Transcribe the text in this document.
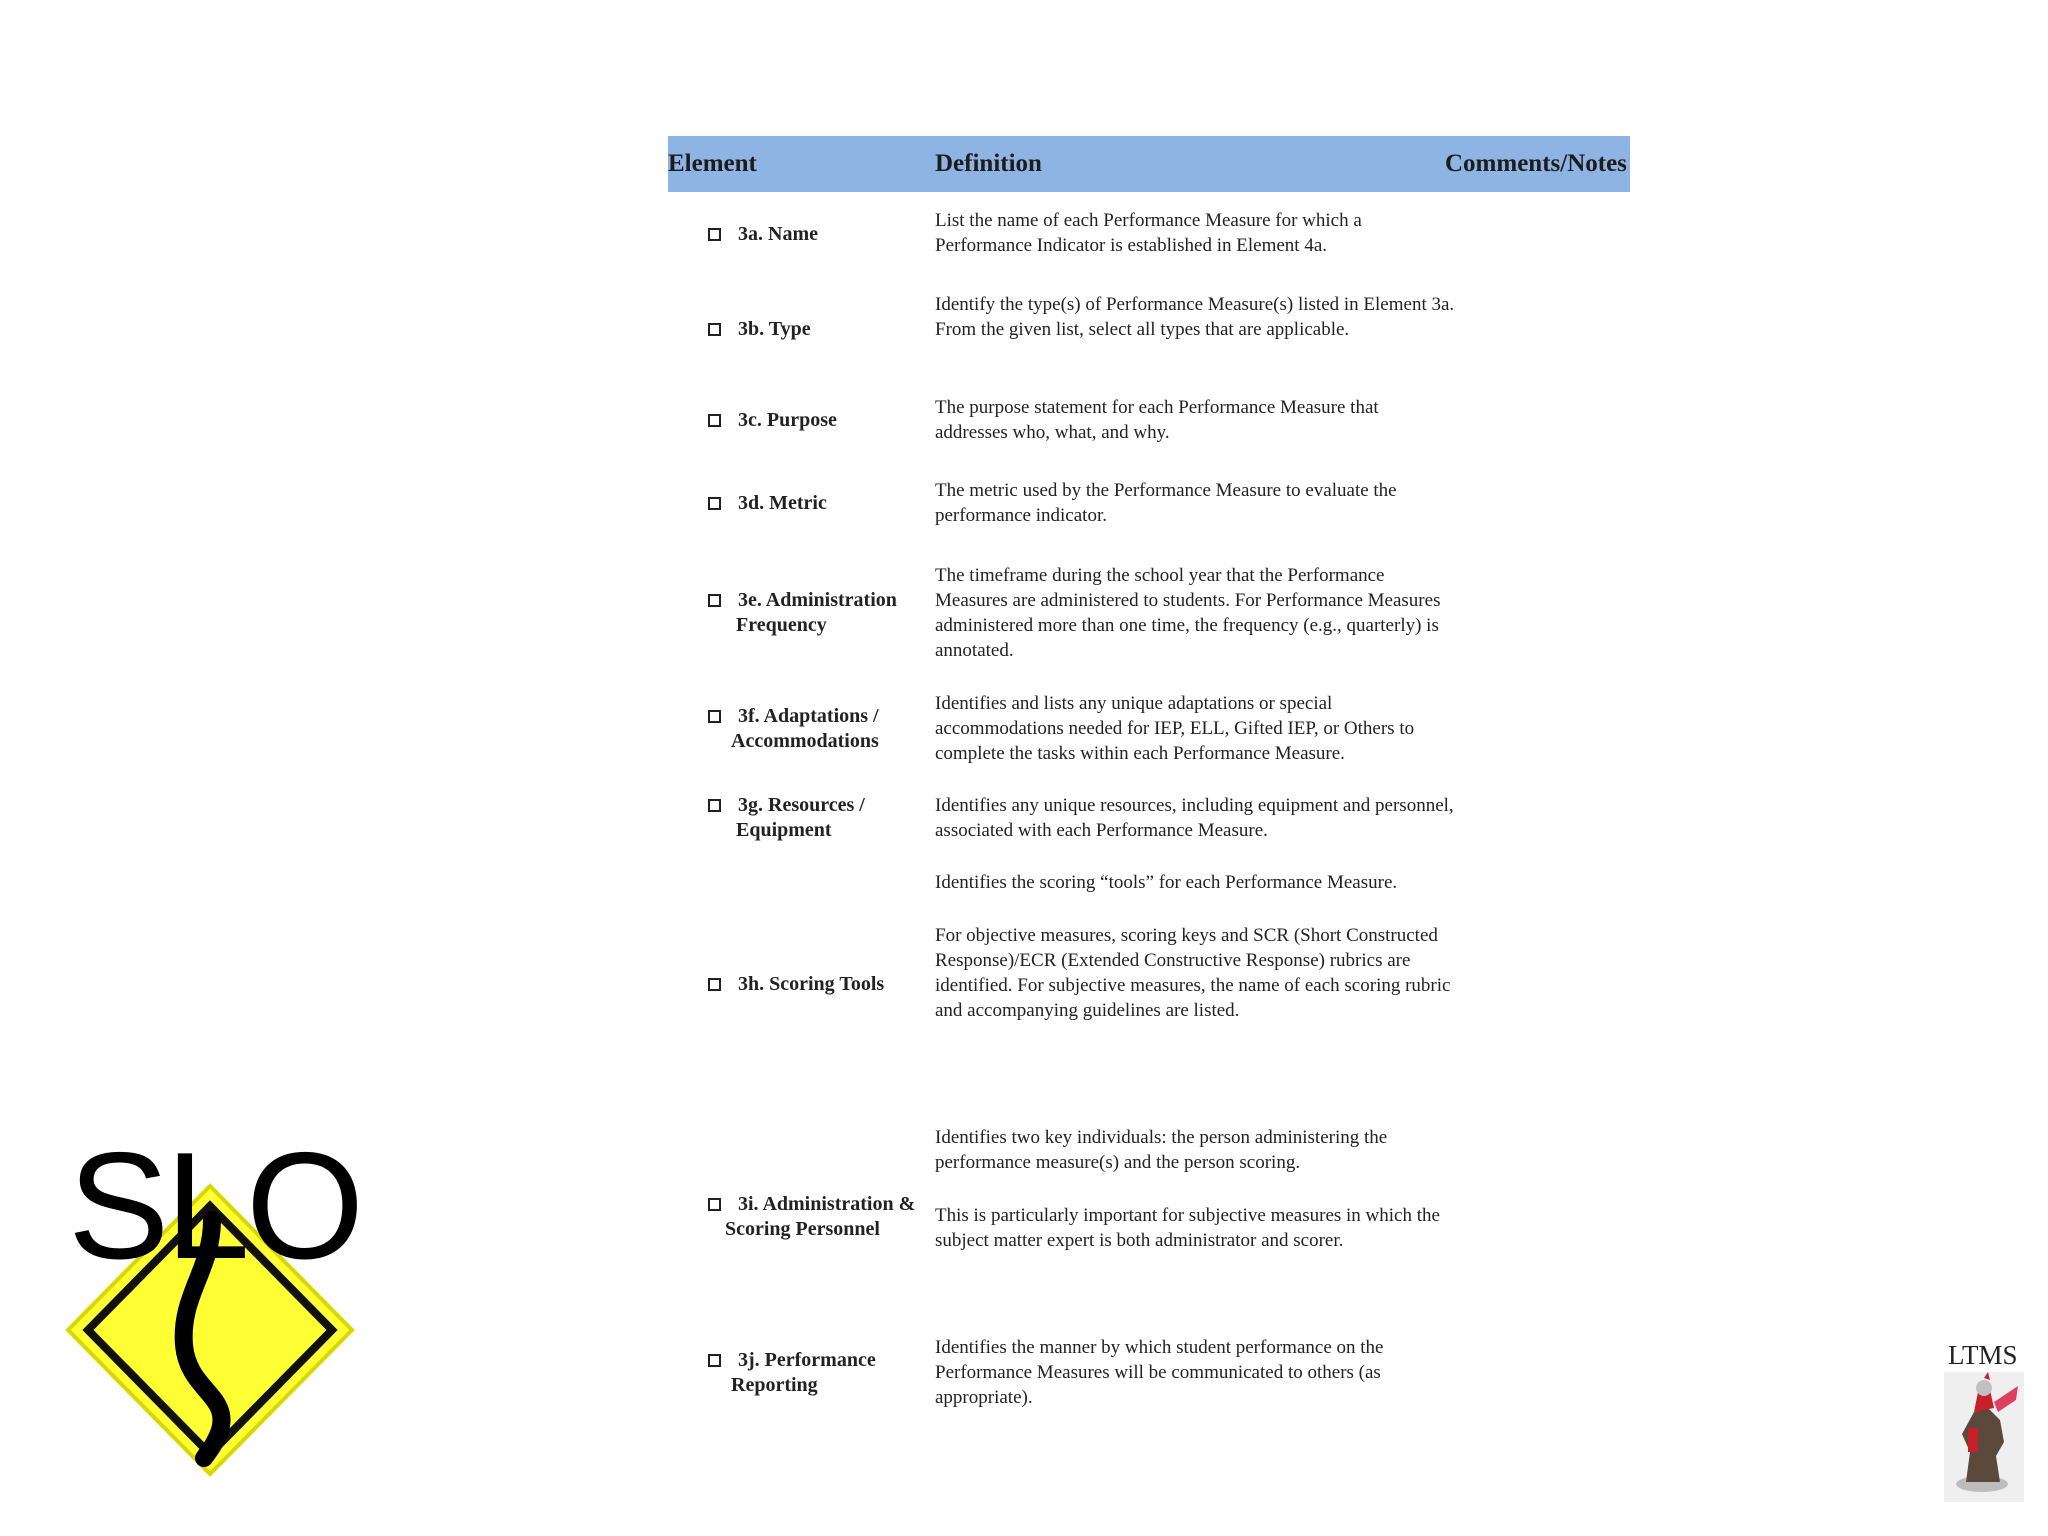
Element	Definition	Comments/Notes
3a. Name

List the name of each Performance Measure for which a Performance Indicator is established in Element 4a.

3b. Type

Identify the type(s) of Performance Measure(s) listed in Element 3a. From the given list, select all types that are applicable.

3c. Purpose

The purpose statement for each Performance Measure that addresses who, what, and why.

3d. Metric

The metric used by the Performance Measure to evaluate the performance indicator.

3e. Administration
Frequency

The timeframe during the school year that the Performance Measures are administered to students. For Performance Measures administered more than one time, the frequency (e.g., quarterly) is annotated.

3f. Adaptations /
Accommodations

Identifies and lists any unique adaptations or special accommodations needed for IEP, ELL, Gifted IEP, or Others to complete the tasks within each Performance Measure.

3g. Resources /
Equipment

Identifies any unique resources, including equipment and personnel, associated with each Performance Measure.

3h. Scoring Tools

Identifies the scoring “tools” for each Performance Measure.

For objective measures, scoring keys and SCR (Short Constructed Response)/ECR (Extended Constructive Response) rubrics are identified. For subjective measures, the name of each scoring rubric and accompanying guidelines are listed.

3i. Administration &
Scoring Personnel

Identifies two key individuals: the person administering the performance measure(s) and the person scoring.

This is particularly important for subjective measures in which the subject matter expert is both administrator and scorer.

3j. Performance
Reporting

Identifies the manner by which student performance on the Performance Measures will be communicated to others (as appropriate).

SLO
LTMS
